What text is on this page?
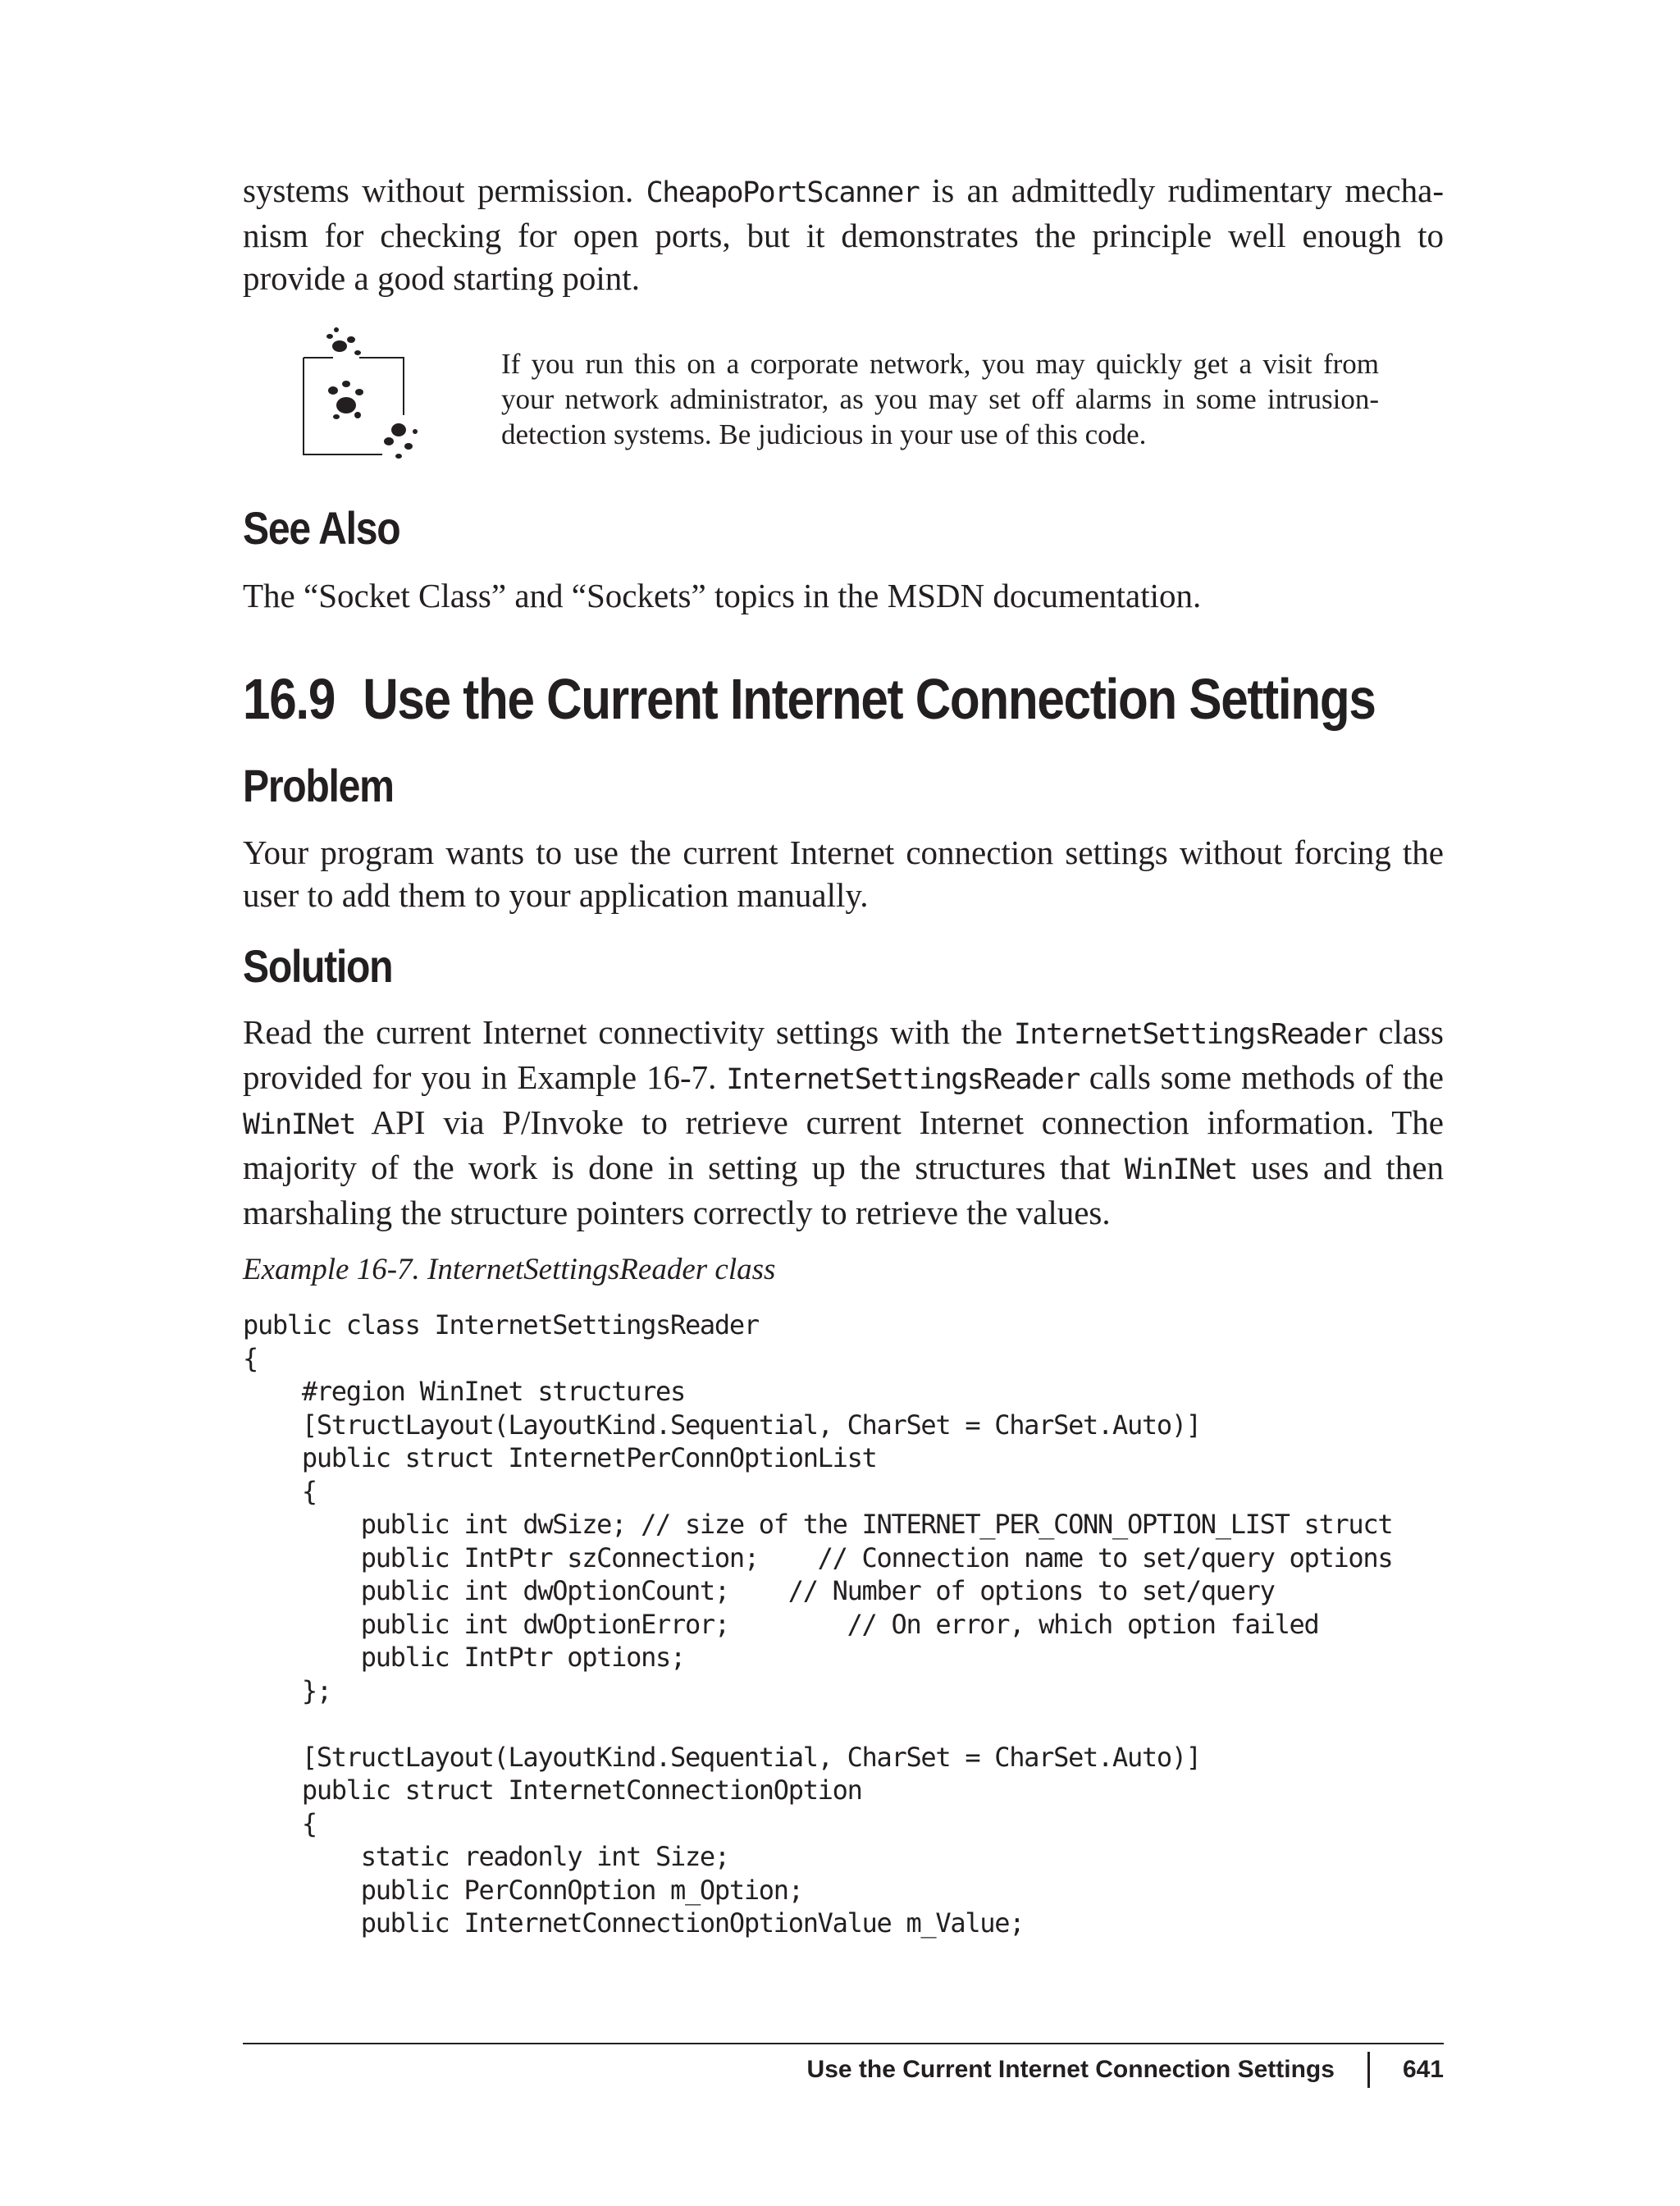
systems without permission. CheapoPortScanner is an admittedly rudimentary mecha-nism for checking for open ports, but it demonstrates the principle well enough to provide a good starting point.

If you run this on a corporate network, you may quickly get a visit from your network administrator, as you may set off alarms in some intrusion-detection systems. Be judicious in your use of this code.

See Also

The “Socket Class” and “Sockets” topics in the MSDN documentation.

16.9 Use the Current Internet Connection Settings
Problem

Your program wants to use the current Internet connection settings without forcing the user to add them to your application manually.

Solution

Read the current Internet connectivity settings with the InternetSettingsReader class provided for you in Example 16-7. InternetSettingsReader calls some methods of the WinINet API via P/Invoke to retrieve current Internet connection information. The majority of the work is done in setting up the structures that WinINet uses and then marshaling the structure pointers correctly to retrieve the values.

Example 16-7. InternetSettingsReader class

public class InternetSettingsReader
{
#region WinInet structures
[StructLayout(LayoutKind.Sequential, CharSet = CharSet.Auto)]
public struct InternetPerConnOptionList
{
public int dwSize; // size of the INTERNET_PER_CONN_OPTION_LIST struct
public IntPtr szConnection;    // Connection name to set/query options
public int dwOptionCount;    // Number of options to set/query
public int dwOptionError;        // On error, which option failed
public IntPtr options;
};

[StructLayout(LayoutKind.Sequential, CharSet = CharSet.Auto)]
public struct InternetConnectionOption
{
static readonly int Size;
public PerConnOption m_Option;
public InternetConnectionOptionValue m_Value;
Use the Current Internet Connection Settings	641
